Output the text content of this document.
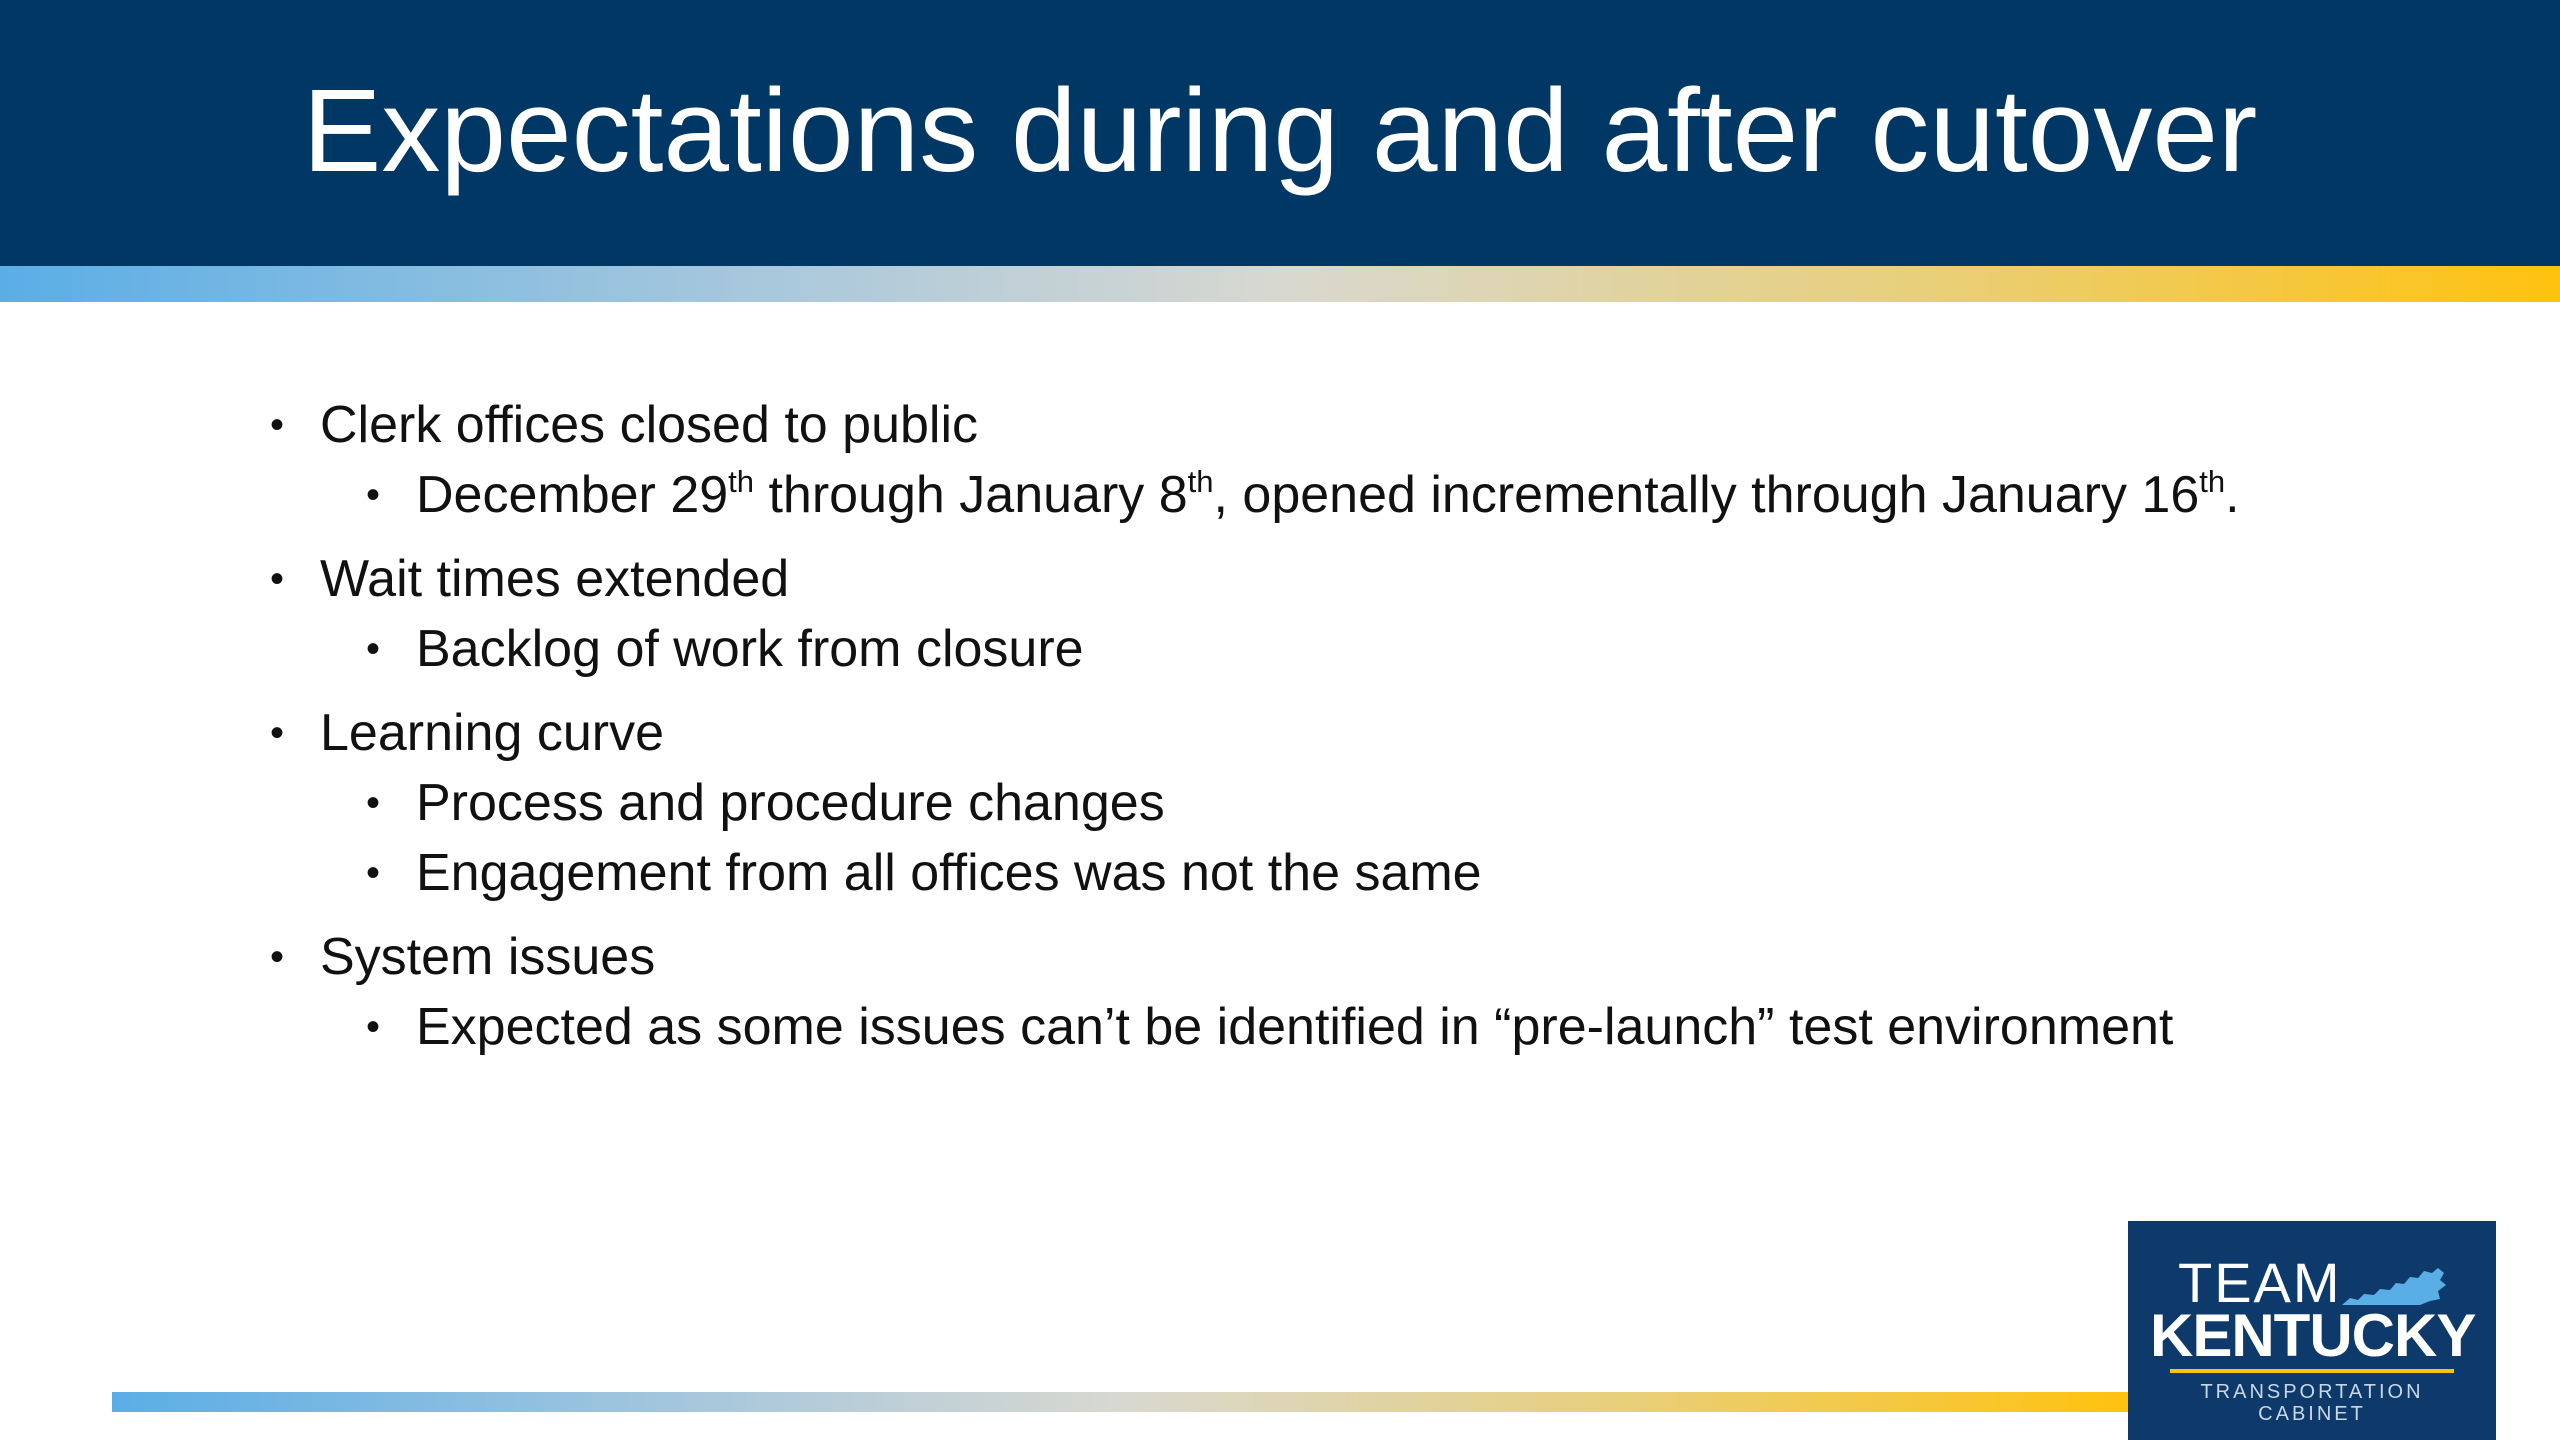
Expectations during and after cutover
• Clerk offices closed to public
• December 29th through January 8th, opened incrementally through January 16th.
• Wait times extended
• Backlog of work from closure
• Learning curve
• Process and procedure changes
• Engagement from all offices was not the same
• System issues
• Expected as some issues can’t be identified in “pre-launch” test environment
TEAM
KENTUCKY
TRANSPORTATION CABINET
